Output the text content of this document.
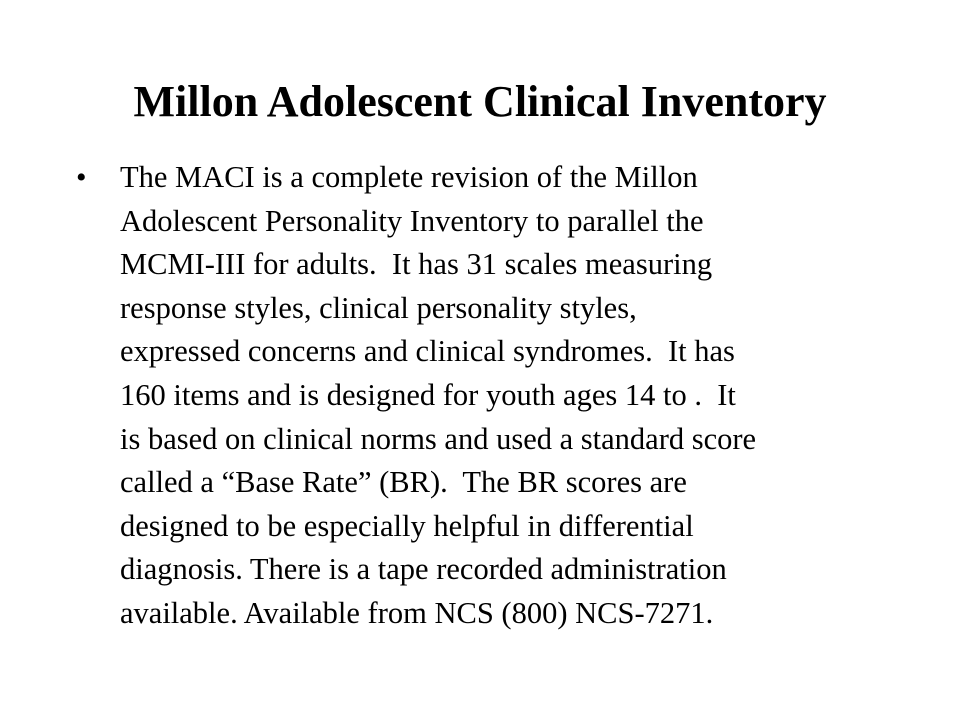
Millon Adolescent Clinical Inventory
• The MACI is a complete revision of the Millon
Adolescent Personality Inventory to parallel the
MCMI-III for adults.  It has 31 scales measuring
response styles, clinical personality styles,
expressed concerns and clinical syndromes.  It has
160 items and is designed for youth ages 14 to .  It
is based on clinical norms and used a standard score
called a “Base Rate” (BR).  The BR scores are
designed to be especially helpful in differential
diagnosis. There is a tape recorded administration
available. Available from NCS (800) NCS-7271.
